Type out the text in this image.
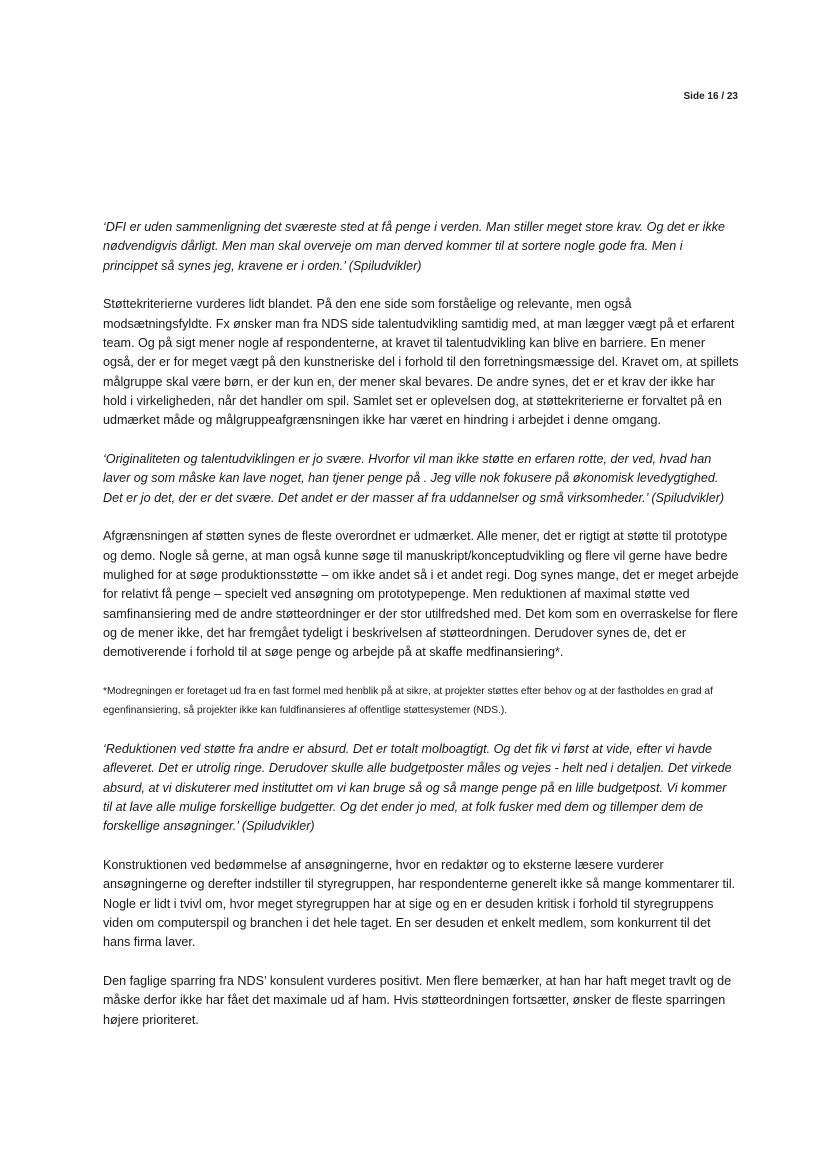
Side 16 / 23

‘DFI er uden sammenligning det sværeste sted at få penge i verden. Man stiller meget store krav. Og det er ikke nødvendigvis dårligt. Men man skal overveje om man derved kommer til at sortere nogle gode fra. Men i princippet så synes jeg, kravene er i orden.’ (Spiludvikler)

Støttekriterierne vurderes lidt blandet. På den ene side som forståelige og relevante, men også modsætningsfyldte. Fx ønsker man fra NDS side talentudvikling samtidig med, at man lægger vægt på et erfarent team. Og på sigt mener nogle af respondenterne, at kravet til talentudvikling kan blive en barriere. En mener også, der er for meget vægt på den kunstneriske del i forhold til den forretningsmæssige del. Kravet om, at spillets målgruppe skal være børn, er der kun en, der mener skal bevares. De andre synes, det er et krav der ikke har hold i virkeligheden, når det handler om spil. Samlet set er oplevelsen dog, at støttekriterierne er forvaltet på en udmærket måde og målgruppeafgrænsningen ikke har været en hindring i arbejdet i denne omgang.

‘Originaliteten og talentudviklingen er jo svære. Hvorfor vil man ikke støtte en erfaren rotte, der ved, hvad han laver og som måske kan lave noget, han tjener penge på . Jeg ville nok fokusere på økonomisk levedygtighed. Det er jo det, der er det svære. Det andet er der masser af fra uddannelser og små virksomheder.’ (Spiludvikler)

Afgrænsningen af støtten synes de fleste overordnet er udmærket. Alle mener, det er rigtigt at støtte til prototype og demo. Nogle så gerne, at man også kunne søge til manuskript/konceptudvikling og flere vil gerne have bedre mulighed for at søge produktionsstøtte – om ikke andet så i et andet regi. Dog synes mange, det er meget arbejde for relativt få penge – specielt ved ansøgning om prototypepenge. Men reduktionen af maximal støtte ved samfinansiering med de andre støtteordninger er der stor utilfredshed med. Det kom som en overraskelse for flere og de mener ikke, det har fremgået tydeligt i beskrivelsen af støtteordningen. Derudover synes de, det er demotiverende i forhold til at søge penge og arbejde på at skaffe medfinansiering*.

*Modregningen er foretaget ud fra en fast formel med henblik på at sikre, at projekter støttes efter behov og at der fastholdes en grad af egenfinansiering, så projekter ikke kan fuldfinansieres af offentlige støttesystemer (NDS.).

‘Reduktionen ved støtte fra andre er absurd. Det er totalt molboagtigt. Og det fik vi først at vide, efter vi havde afleveret. Det er utrolig ringe. Derudover skulle alle budgetposter måles og vejes - helt ned i detaljen. Det virkede absurd, at vi diskuterer med instituttet om vi kan bruge så og så mange penge på en lille budgetpost. Vi kommer til at lave alle mulige forskellige budgetter. Og det ender jo med, at folk fusker med dem og tillemper dem de forskellige ansøgninger.’ (Spiludvikler)

Konstruktionen ved bedømmelse af ansøgningerne, hvor en redaktør og to eksterne læsere vurderer ansøgningerne og derefter indstiller til styregruppen, har respondenterne generelt ikke så mange kommentarer til. Nogle er lidt i tvivl om, hvor meget styregruppen har at sige og en er desuden kritisk i forhold til styregruppens viden om computerspil og branchen i det hele taget. En ser desuden et enkelt medlem, som konkurrent til det hans firma laver.

Den faglige sparring fra NDS’ konsulent vurderes positivt. Men flere bemærker, at han har haft meget travlt og de måske derfor ikke har fået det maximale ud af ham. Hvis støtteordningen fortsætter, ønsker de fleste sparringen højere prioriteret.
